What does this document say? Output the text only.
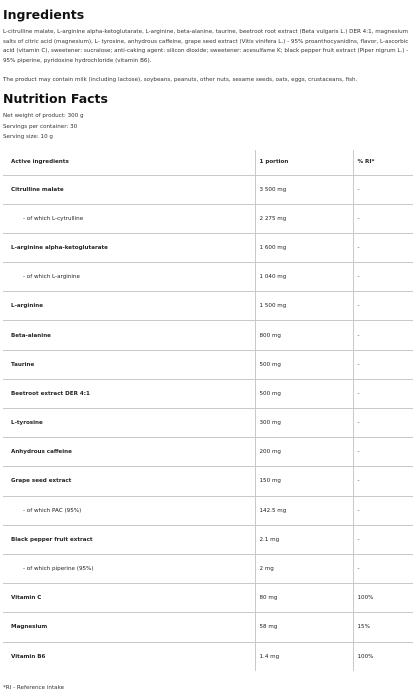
Ingredients

L-citrulline malate, L-arginine alpha-ketoglutarate, L-arginine, beta-alanine, taurine, beetroot root extract (Beta vulgaris L.) DER 4:1, magnesium salts of citric acid (magnesium), L- tyrosine, anhydrous caffeine, grape seed extract (Vitis vinifera L.) - 95% proanthocyanidins, flavor, L-ascorbic acid (vitamin C), sweetener: sucralose; anti-caking agent: silicon dioxide; sweetener: acesulfame K; black pepper fruit extract (Piper nigrum L.) - 95% piperine, pyridoxine hydrochloride (vitamin B6).

The product may contain milk (including lactose), soybeans, peanuts, other nuts, sesame seeds, oats, eggs, crustaceans, fish.

Nutrition Facts
Net weight of product: 300 g
Servings per container: 30
Serving size: 10 g
Active ingredients	1 portion	% RI*
Citrulline malate	3 500 mg	-
- of which L-cytrulline	2 275 mg	-
L-arginine alpha-ketoglutarate	1 600 mg	-
- of which L-arginine	1 040 mg	-
L-arginine	1 500 mg	-
Beta-alanine	800 mg	-
Taurine	500 mg	-
Beetroot extract DER 4:1	500 mg	-
L-tyrosine	300 mg	-
Anhydrous caffeine	200 mg	-
Grape seed extract	150 mg	-
- of which PAC (95%)	142.5 mg	-
Black pepper fruit extract	2.1 mg	-
- of which piperine (95%)	2 mg	-
Vitamin C	80 mg	100%
Magnesium	58 mg	15%
Vitamin B6	1.4 mg	100%
*RI - Reference intake
